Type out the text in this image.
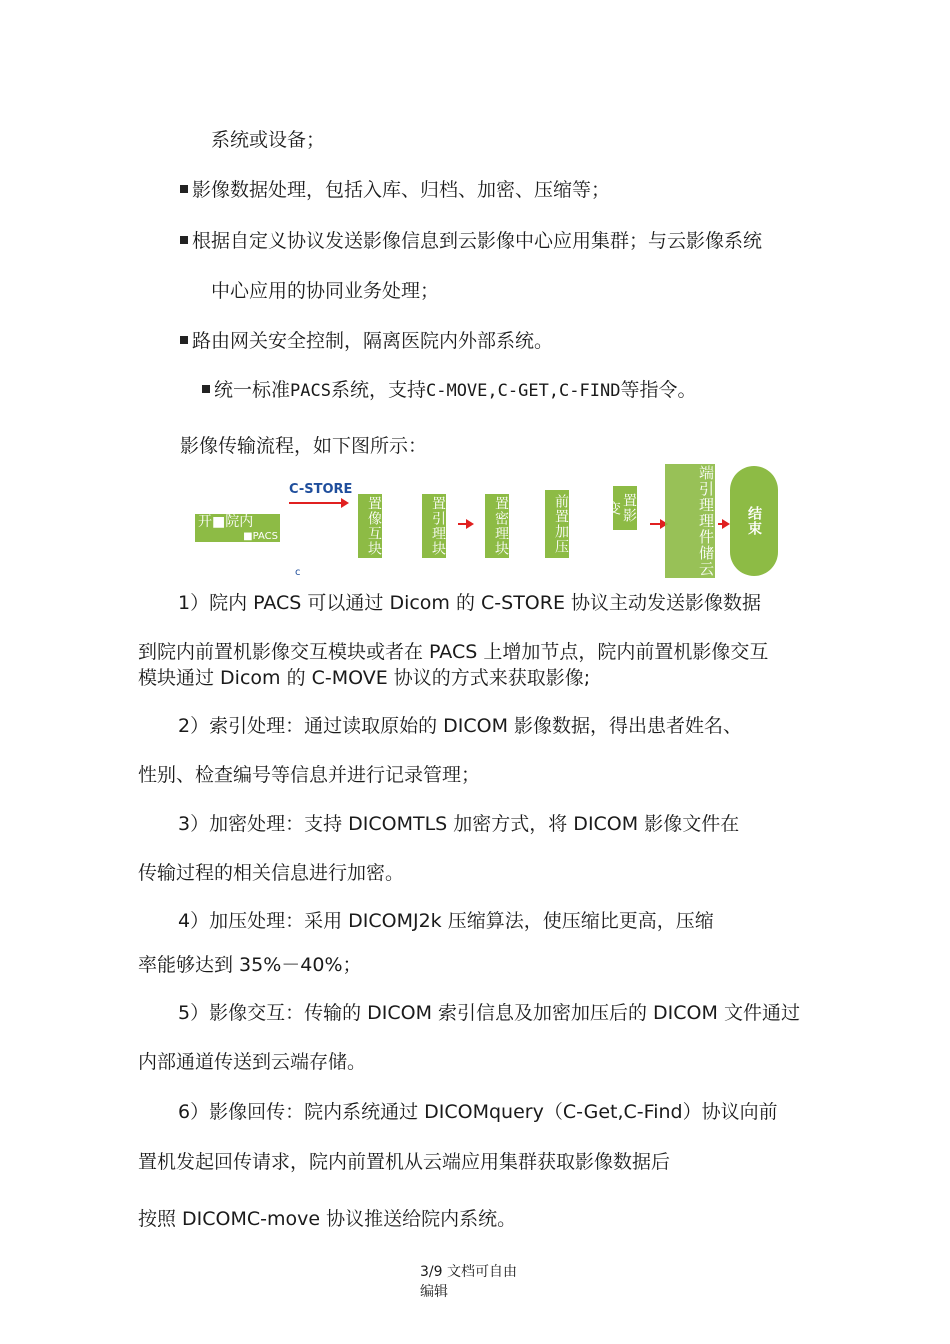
系统或设备；
影像数据处理，包括入库、归档、加密、压缩等；
根据自定义协议发送影像信息到云影像中心应用集群；与云影像系统
中心应用的协同业务处理；
路由网关安全控制，隔离医院内外部系统。
统一标准PACS系统，支持C-MOVE,C-GET,C-FIND等指令。
影像传输流程，如下图所示：
开■院内
■PACS
C-STORE
c
置像互块	置引理块	置密理块	前置加压	置影变	端引理理件储云 结束
1）院内 PACS 可以通过 Dicom 的 C-STORE 协议主动发送影像数据
到院内前置机影像交互模块或者在 PACS 上增加节点，院内前置机影像交互
模块通过 Dicom 的 C-MOVE 协议的方式来获取影像;
2）索引处理：通过读取原始的 DICOM 影像数据，得出患者姓名、
性别、检查编号等信息并进行记录管理；
3）加密处理：支持 DICOMTLS 加密方式，将 DICOM 影像文件在
传输过程的相关信息进行加密。
4）加压处理：采用 DICOMJ2k 压缩算法，使压缩比更高，压缩
率能够达到 35%－40%；
5）影像交互：传输的 DICOM 索引信息及加密加压后的 DICOM 文件通过
内部通道传送到云端存储。
6）影像回传：院内系统通过 DICOMquery（C-Get,C-Find）协议向前
置机发起回传请求，院内前置机从云端应用集群获取影像数据后
按照 DICOMC-move 协议推送给院内系统。
3/9 文档可自由
编辑
